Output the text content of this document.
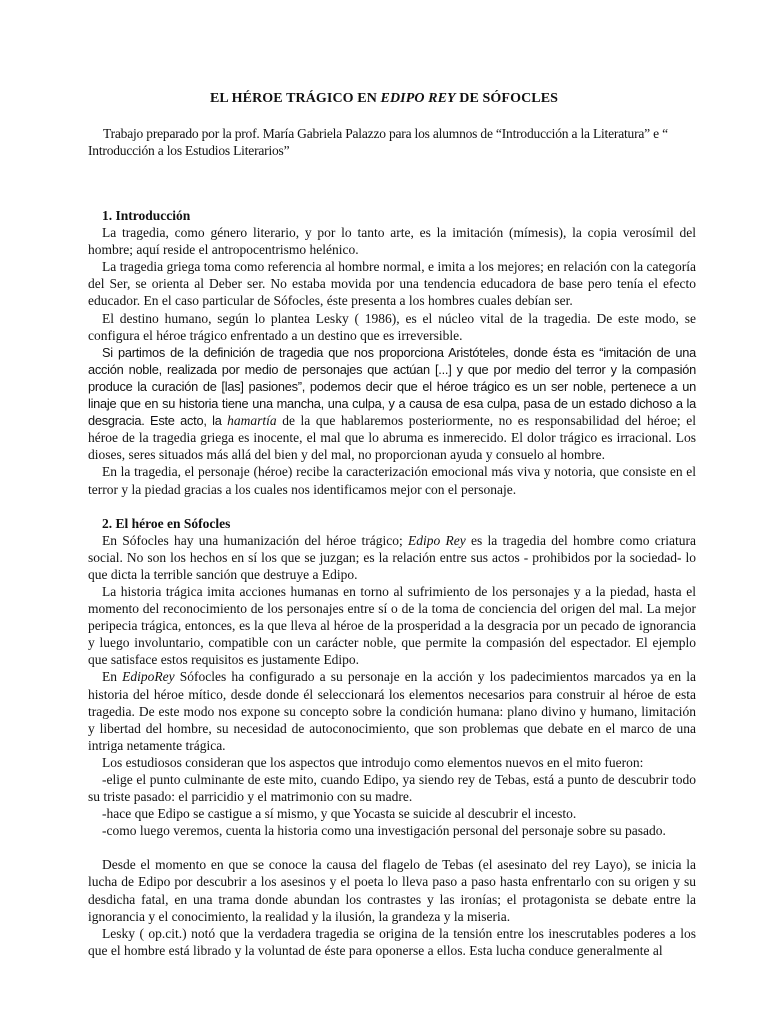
EL HÉROE TRÁGICO EN EDIPO REY DE SÓFOCLES
Trabajo preparado por la prof. María Gabriela Palazzo para los alumnos de “Introducción a la Literatura” e “ Introducción a los Estudios Literarios”
1. Introducción

La tragedia, como género literario, y por lo tanto arte, es la imitación (mímesis), la copia verosímil del hombre; aquí reside el antropocentrismo helénico.

La tragedia griega toma como referencia al hombre normal, e imita a los mejores; en relación con la categoría del Ser, se orienta al Deber ser. No estaba movida por una tendencia educadora de base pero tenía el efecto educador. En el caso particular de Sófocles, éste presenta a los hombres cuales debían ser.

El destino humano, según lo plantea Lesky ( 1986), es el núcleo vital de la tragedia. De este modo, se configura el héroe trágico enfrentado a un destino que es irreversible.

Si partimos de la definición de tragedia que nos proporciona Aristóteles, donde ésta es “imitación de una acción noble, realizada por medio de personajes que actúan [...] y que por medio del terror y la compasión produce la curación de [las] pasiones”, podemos decir que el héroe trágico es un ser noble, pertenece a un linaje que en su historia tiene una mancha, una culpa, y a causa de esa culpa, pasa de un estado dichoso a la desgracia. Este acto, la hamartía de la que hablaremos posteriormente, no es responsabilidad del héroe; el héroe de la tragedia griega es inocente, el mal que lo abruma es inmerecido. El dolor trágico es irracional. Los dioses, seres situados más allá del bien y del mal, no proporcionan ayuda y consuelo al hombre.

En la tragedia, el personaje (héroe) recibe la caracterización emocional más viva y notoria, que consiste en el terror y la piedad gracias a los cuales nos identificamos mejor con el personaje.

2. El héroe en Sófocles

En Sófocles hay una humanización del héroe trágico; Edipo Rey es la tragedia del hombre como criatura social. No son los hechos en sí los que se juzgan; es la relación entre sus actos - prohibidos por la sociedad- lo que dicta la terrible sanción que destruye a Edipo.

La historia trágica imita acciones humanas en torno al sufrimiento de los personajes y a la piedad, hasta el momento del reconocimiento de los personajes entre sí o de la toma de conciencia del origen del mal. La mejor peripecia trágica, entonces, es la que lleva al héroe de la prosperidad a la desgracia por un pecado de ignorancia y luego involuntario, compatible con un carácter noble, que permite la compasión del espectador. El ejemplo que satisface estos requisitos es justamente Edipo.

En EdipoRey Sófocles ha configurado a su personaje en la acción y los padecimientos marcados ya en la historia del héroe mítico, desde donde él seleccionará los elementos necesarios para construir al héroe de esta tragedia. De este modo nos expone su concepto sobre la condición humana: plano divino y humano, limitación y libertad del hombre, su necesidad de autoconocimiento, que son problemas que debate en el marco de una intriga netamente trágica.

Los estudiosos consideran que los aspectos que introdujo como elementos nuevos en el mito fueron:

-elige el punto culminante de este mito, cuando Edipo, ya siendo rey de Tebas, está a punto de descubrir todo su triste pasado: el parricidio y el matrimonio con su madre.

-hace que Edipo se castigue a sí mismo, y que Yocasta se suicide al descubrir el incesto.

-como luego veremos, cuenta la historia como una investigación personal del personaje sobre su pasado.

Desde el momento en que se conoce la causa del flagelo de Tebas (el asesinato del rey Layo), se inicia la lucha de Edipo por descubrir a los asesinos y el poeta lo lleva paso a paso hasta enfrentarlo con su origen y su desdicha fatal, en una trama donde abundan los contrastes y las ironías; el protagonista se debate entre la ignorancia y el conocimiento, la realidad y la ilusión, la grandeza y la miseria.

Lesky ( op.cit.) notó que la verdadera tragedia se origina de la tensión entre los inescrutables poderes a los que el hombre está librado y la voluntad de éste para oponerse a ellos. Esta lucha conduce generalmente al
